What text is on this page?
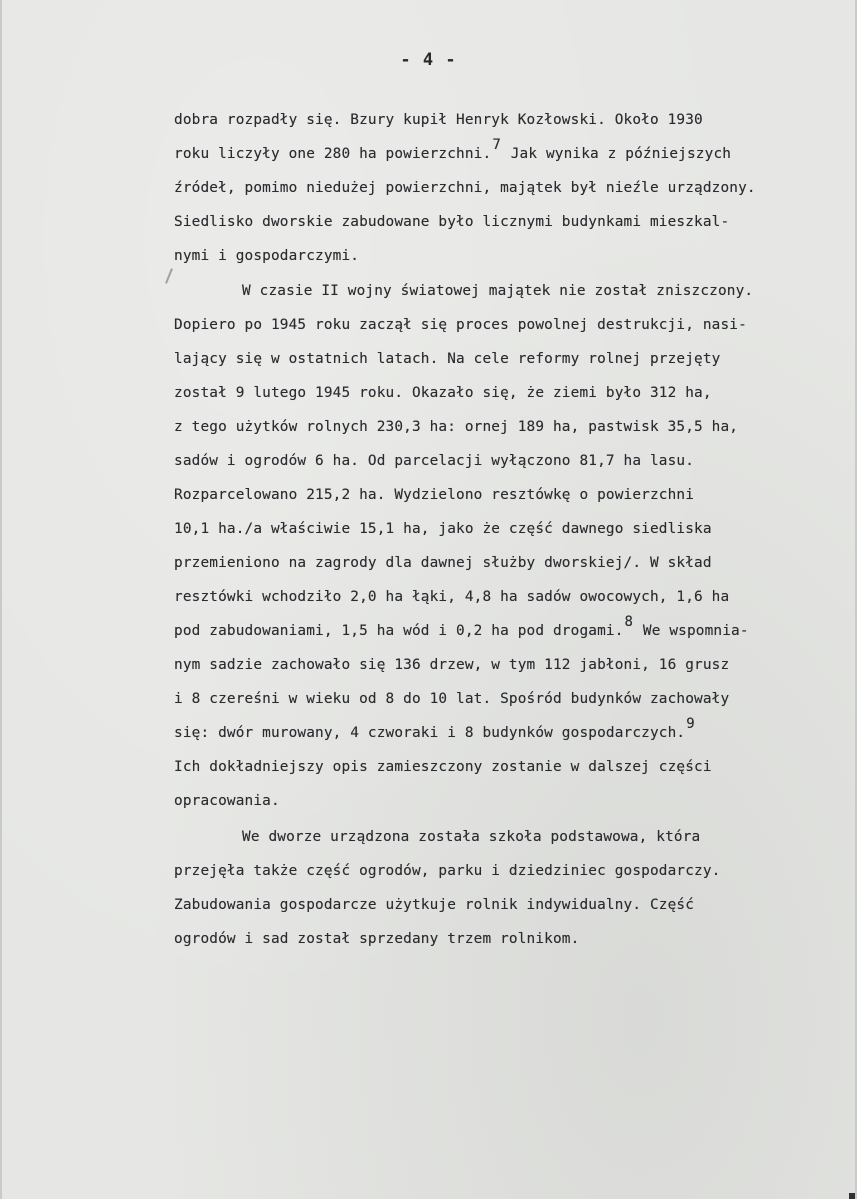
- 4 -
dobra rozpadły się. Bzury kupił Henryk Kozłowski. Około 1930
roku liczyły one 280 ha powierzchni.7 Jak wynika z późniejszych
źródeł, pomimo niedużej powierzchni, majątek był nieźle urządzony.
Siedlisko dworskie zabudowane było licznymi budynkami mieszkal-
nymi i gospodarczymi.
W czasie II wojny światowej majątek nie został zniszczony.
Dopiero po 1945 roku zaczął się proces powolnej destrukcji, nasi-
lający się w ostatnich latach. Na cele reformy rolnej przejęty
został 9 lutego 1945 roku. Okazało się, że ziemi było 312 ha,
z tego użytków rolnych 230,3 ha: ornej 189 ha, pastwisk 35,5 ha,
sadów i ogrodów 6 ha. Od parcelacji wyłączono 81,7 ha lasu.
Rozparcelowano 215,2 ha. Wydzielono resztówkę o powierzchni
10,1 ha./a właściwie 15,1 ha, jako że część dawnego siedliska
przemieniono na zagrody dla dawnej służby dworskiej/. W skład
resztówki wchodziło 2,0 ha łąki, 4,8 ha sadów owocowych, 1,6 ha
pod zabudowaniami, 1,5 ha wód i 0,2 ha pod drogami.8 We wspomnia-
nym sadzie zachowało się 136 drzew, w tym 112 jabłoni, 16 grusz
i 8 czereśni w wieku od 8 do 10 lat. Spośród budynków zachowały
się: dwór murowany, 4 czworaki i 8 budynków gospodarczych.9
Ich dokładniejszy opis zamieszczony zostanie w dalszej części
opracowania.
We dworze urządzona została szkoła podstawowa, która
przejęła także część ogrodów, parku i dziedziniec gospodarczy.
Zabudowania gospodarcze użytkuje rolnik indywidualny. Część
ogrodów i sad został sprzedany trzem rolnikom.
